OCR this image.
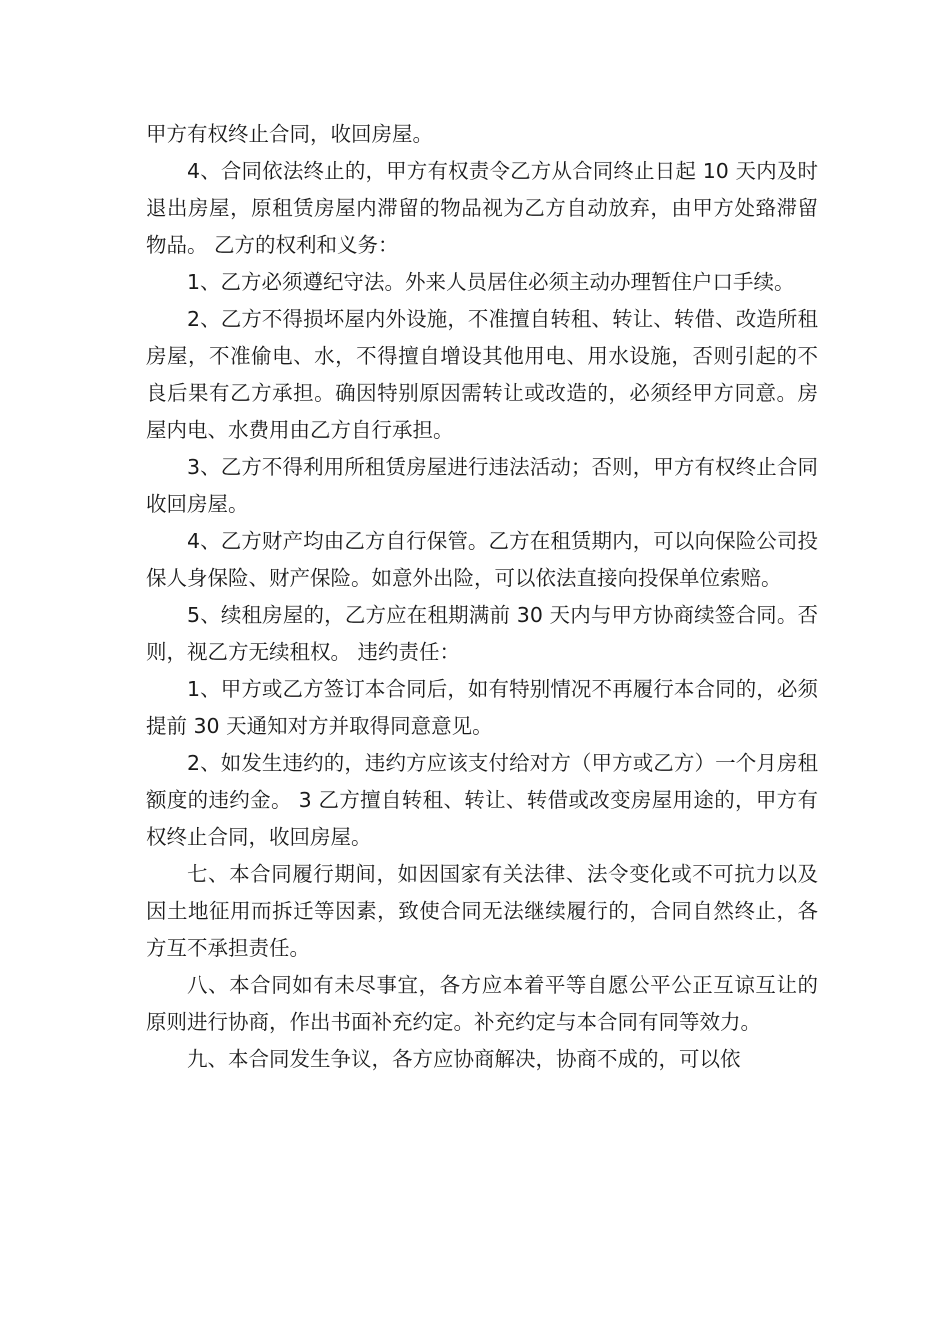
甲方有权终止合同，收回房屋。

4、合同依法终止的，甲方有权责令乙方从合同终止日起 10 天内及时退出房屋，原租赁房屋内滞留的物品视为乙方自动放弃，由甲方处臵滞留物品。 乙方的权利和义务：

1、乙方必须遵纪守法。外来人员居住必须主动办理暂住户口手续。

2、乙方不得损坏屋内外设施，不准擅自转租、转让、转借、改造所租房屋，不准偷电、水，不得擅自增设其他用电、用水设施，否则引起的不良后果有乙方承担。确因特别原因需转让或改造的，必须经甲方同意。房屋内电、水费用由乙方自行承担。

3、乙方不得利用所租赁房屋进行违法活动；否则，甲方有权终止合同收回房屋。

4、乙方财产均由乙方自行保管。乙方在租赁期内，可以向保险公司投保人身保险、财产保险。如意外出险，可以依法直接向投保单位索赔。

5、续租房屋的，乙方应在租期满前 30 天内与甲方协商续签合同。否则，视乙方无续租权。 违约责任：

1、甲方或乙方签订本合同后，如有特别情况不再履行本合同的，必须提前 30 天通知对方并取得同意意见。

2、如发生违约的，违约方应该支付给对方（甲方或乙方）一个月房租额度的违约金。 3 乙方擅自转租、转让、转借或改变房屋用途的，甲方有权终止合同，收回房屋。

七、本合同履行期间，如因国家有关法律、法令变化或不可抗力以及因土地征用而拆迁等因素，致使合同无法继续履行的，合同自然终止，各方互不承担责任。

八、本合同如有未尽事宜，各方应本着平等自愿公平公正互谅互让的原则进行协商，作出书面补充约定。补充约定与本合同有同等效力。

九、本合同发生争议，各方应协商解决，协商不成的，可以依
